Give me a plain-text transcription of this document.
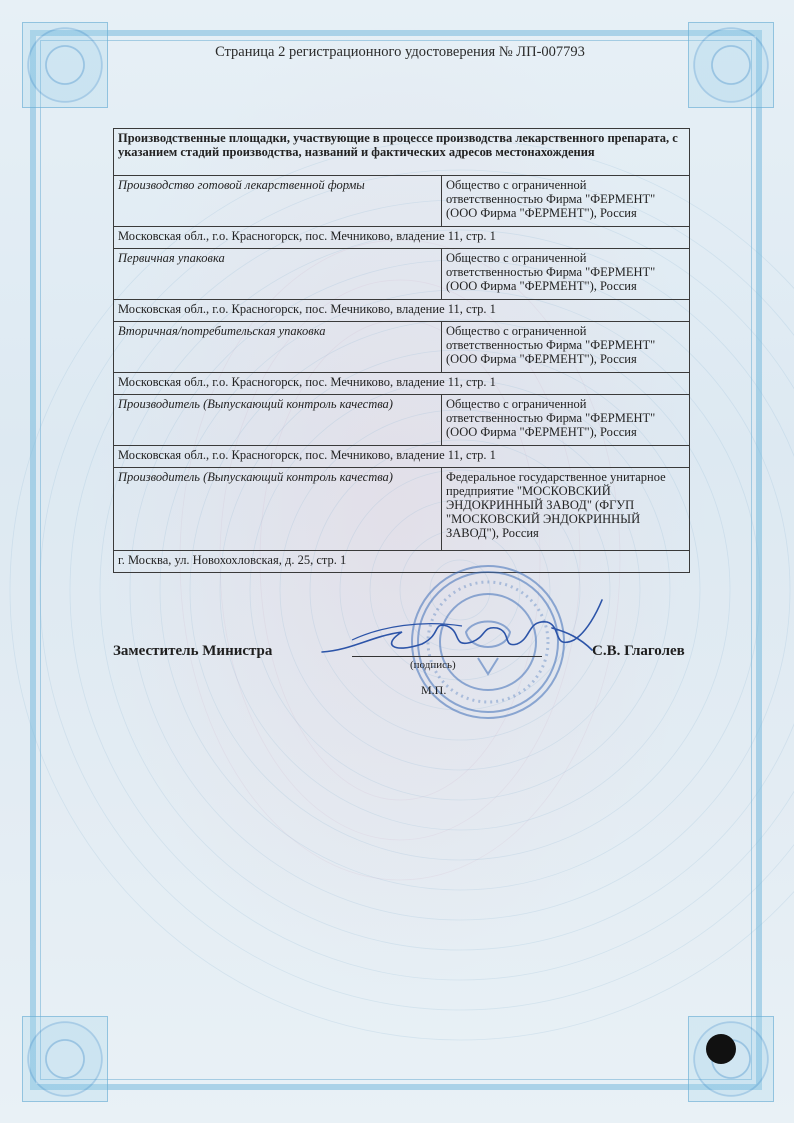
Страница 2 регистрационного удостоверения № ЛП-007793
Производственные площадки, участвующие в процессе производства лекарственного препарата, с указанием стадий производства, названий и фактических адресов местонахождения	
Производство готовой лекарственной формы	Общество с ограниченной ответственностью Фирма "ФЕРМЕНТ" (ООО Фирма "ФЕРМЕНТ"), Россия
Московская обл., г.о. Красногорск, пос. Мечниково, владение 11, стр. 1	
Первичная упаковка	Общество с ограниченной ответственностью Фирма "ФЕРМЕНТ" (ООО Фирма "ФЕРМЕНТ"), Россия
Московская обл., г.о. Красногорск, пос. Мечниково, владение 11, стр. 1	
Вторичная/потребительская упаковка	Общество с ограниченной ответственностью Фирма "ФЕРМЕНТ" (ООО Фирма "ФЕРМЕНТ"), Россия
Московская обл., г.о. Красногорск, пос. Мечниково, владение 11, стр. 1	
Производитель (Выпускающий контроль качества)	Общество с ограниченной ответственностью Фирма "ФЕРМЕНТ" (ООО Фирма "ФЕРМЕНТ"), Россия
Московская обл., г.о. Красногорск, пос. Мечниково, владение 11, стр. 1	
Производитель (Выпускающий контроль качества)	Федеральное государственное унитарное предприятие "МОСКОВСКИЙ ЭНДОКРИННЫЙ ЗАВОД" (ФГУП "МОСКОВСКИЙ ЭНДОКРИННЫЙ ЗАВОД"), Россия
г. Москва, ул. Новохохловская, д. 25, стр. 1	
Заместитель Министра
(подпись)
М.П.
С.В. Глаголев
